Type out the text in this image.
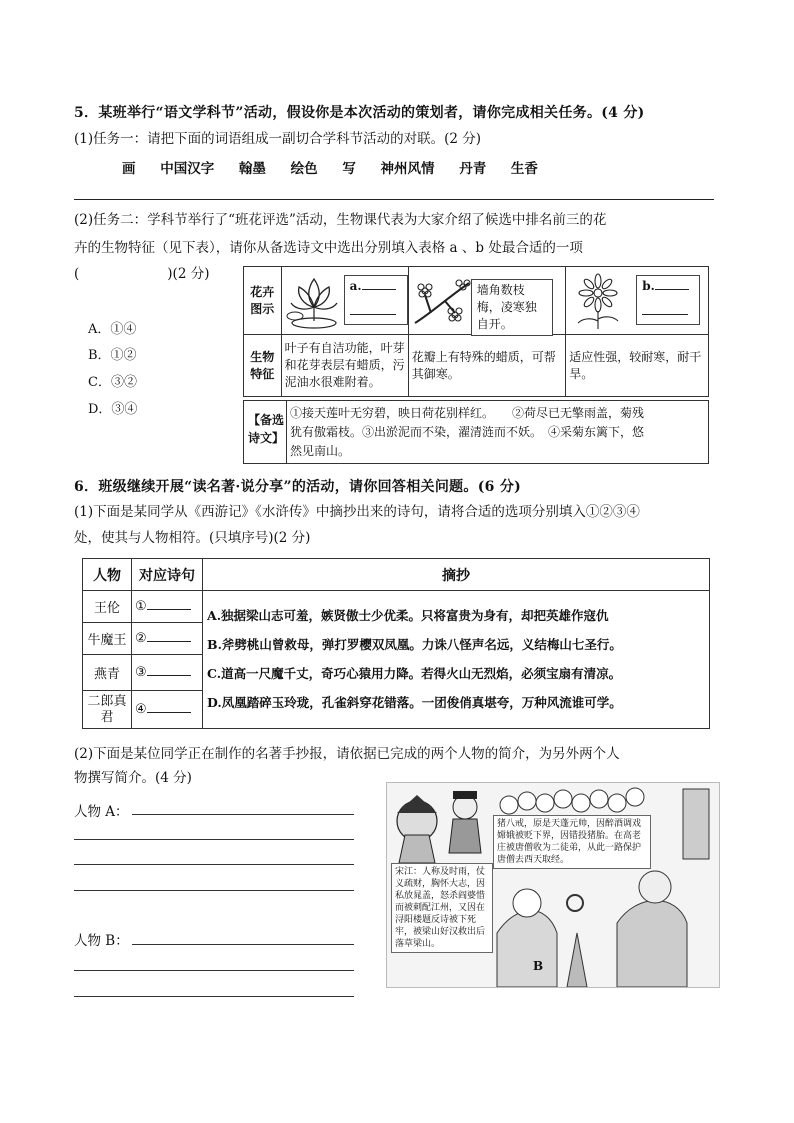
5．某班举行“语文学科节”活动，假设你是本次活动的策划者，请你完成相关任务。(4 分)
(1)任务一：请把下面的词语组成一副切合学科节活动的对联。(2 分)
画 中国汉字 翰墨 绘色 写 神州风情 丹青 生香
(2)任务二：学科节举行了“班花评选”活动，生物课代表为大家介绍了候选中排名前三的花
卉的生物特征（见下表），请你从备选诗文中选出分别填入表格 a 、b 处最合适的一项
(	)(2 分)
A．①④
B．①②
C．③②
D．③④
花卉图示	a.	墙角数枝梅，凌寒独自开。	b.

生物特征	叶子有自洁功能，叶芽和花芽表层有蜡质，污泥油水很难附着。	花瓣上有特殊的蜡质，可帮其御寒。	适应性强，较耐寒，耐干旱。
【备选诗文】
①接天莲叶无穷碧，映日荷花别样红。　　②荷尽已无擎雨盖，菊残
犹有傲霜枝。③出淤泥而不染，濯清涟而不妖。　④采菊东篱下，悠
然见南山。
6．班级继续开展“读名著·说分享”的活动，请你回答相关问题。(6 分)
(1)下面是某同学从《西游记》《水浒传》中摘抄出来的诗句，请将合适的选项分别填入①②③④
处，使其与人物相符。(只填序号)(2 分)
人物	对应诗句	摘抄
王伦	①	A.独据梁山志可羞，嫉贤傲士少优柔。只将富贵为身有，却把英雄作寇仇
B.斧劈桃山曾救母，弹打罗樱双凤凰。力诛八怪声名远，义结梅山七圣行。
C.道高一尺魔千丈，奇巧心猿用力降。若得火山无烈焰，必须宝扇有清凉。
D.凤凰踏碎玉玲珑，孔雀斜穿花错落。一团俊俏真堪夸，万种风流谁可学。

牛魔王	②	
燕青	③	
二郎真君	④	
(2)下面是某位同学正在制作的名著手抄报，请依据已完成的两个人物的简介，为另外两个人
物撰写简介。(4 分)
人物 A：
人物 B：
猪八戒，原是天蓬元帅，因醉酒调戏嫦娥被贬下界，因错投猪胎。在高老庄被唐僧收为二徒弟，从此一路保护唐僧去西天取经。
宋江：人称及时雨，仗义疏财，胸怀大志，因私放晁盖，怒杀阎婆惜而被刺配江州，又因在浔阳楼题反诗被下死牢，被梁山好汉救出后落草梁山。
B
